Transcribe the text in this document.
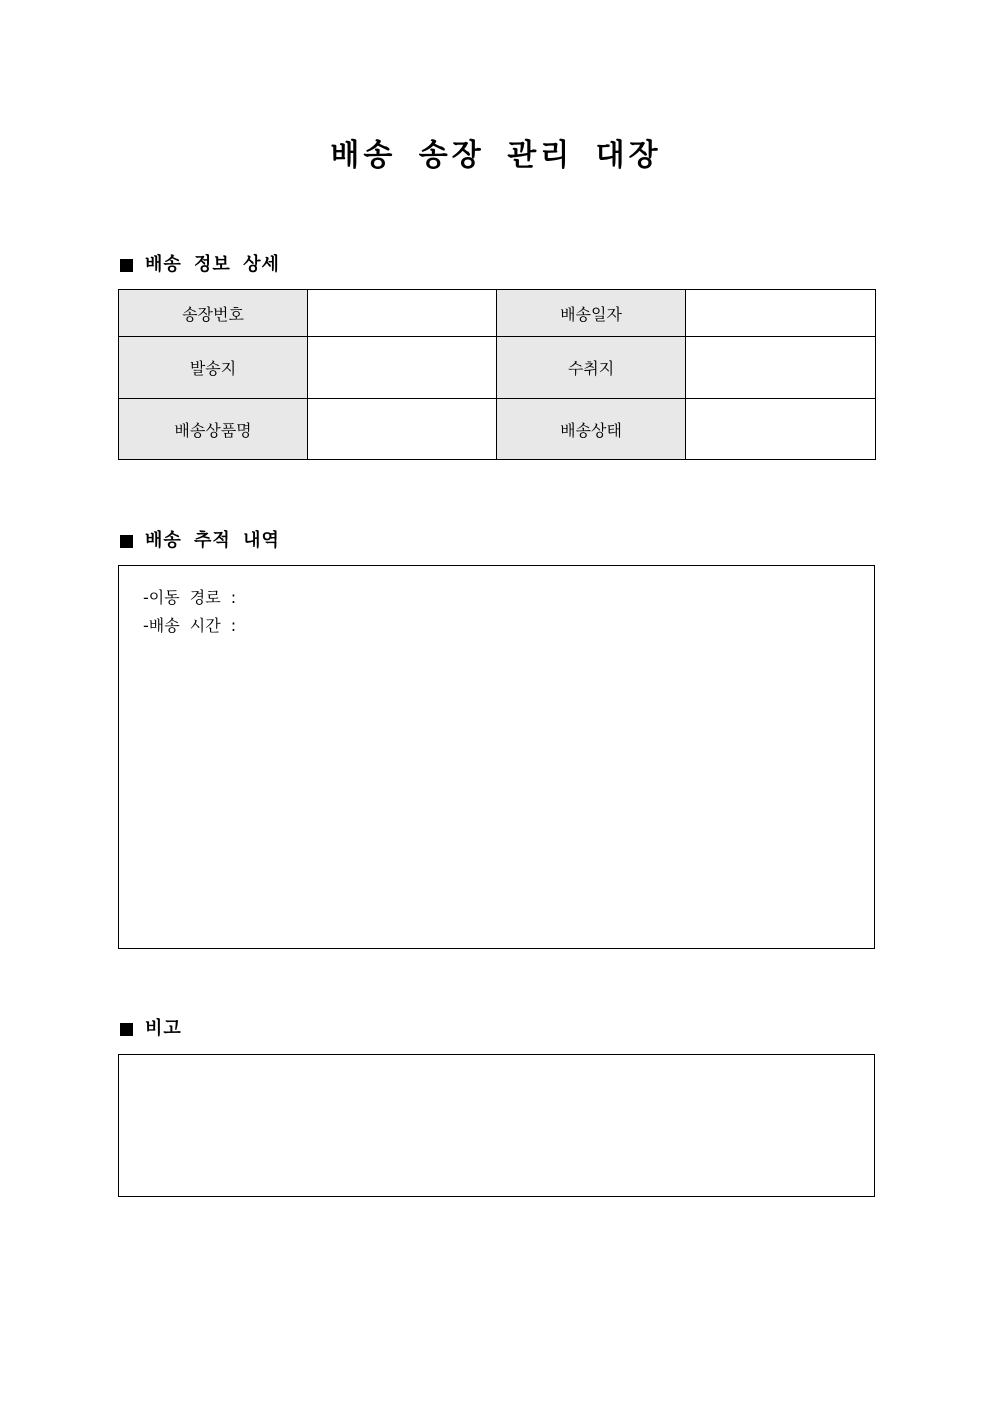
배송 송장 관리 대장
배송 정보 상세
송장번호		배송일자	
발송지		수취지	
배송상품명		배송상태	
배송 추적 내역
-이동 경로 :
-배송 시간 :
비고
